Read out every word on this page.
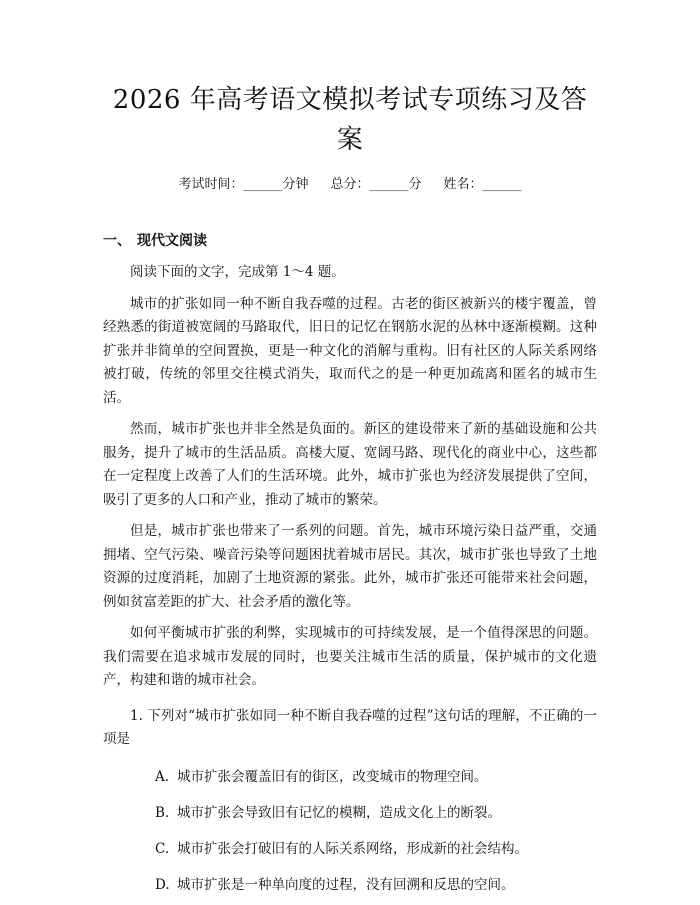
2026 年高考语文模拟考试专项练习及答案
考试时间：______分钟 总分：______分 姓名：______
一、 现代文阅读

阅读下面的文字，完成第 1～4 题。

城市的扩张如同一种不断自我吞噬的过程。古老的街区被新兴的楼宇覆盖，曾经熟悉的街道被宽阔的马路取代，旧日的记忆在钢筋水泥的丛林中逐渐模糊。这种扩张并非简单的空间置换，更是一种文化的消解与重构。旧有社区的人际关系网络被打破，传统的邻里交往模式消失，取而代之的是一种更加疏离和匿名的城市生活。

然而，城市扩张也并非全然是负面的。新区的建设带来了新的基础设施和公共服务，提升了城市的生活品质。高楼大厦、宽阔马路、现代化的商业中心，这些都在一定程度上改善了人们的生活环境。此外，城市扩张也为经济发展提供了空间，吸引了更多的人口和产业，推动了城市的繁荣。

但是，城市扩张也带来了一系列的问题。首先，城市环境污染日益严重，交通拥堵、空气污染、噪音污染等问题困扰着城市居民。其次，城市扩张也导致了土地资源的过度消耗，加剧了土地资源的紧张。此外，城市扩张还可能带来社会问题，例如贫富差距的扩大、社会矛盾的激化等。

如何平衡城市扩张的利弊，实现城市的可持续发展，是一个值得深思的问题。我们需要在追求城市发展的同时，也要关注城市生活的质量，保护城市的文化遗产，构建和谐的城市社会。

1. 下列对“城市扩张如同一种不断自我吞噬的过程”这句话的理解，不正确的一项是

A. 城市扩张会覆盖旧有的街区，改变城市的物理空间。
B. 城市扩张会导致旧有记忆的模糊，造成文化上的断裂。
C. 城市扩张会打破旧有的人际关系网络，形成新的社会结构。
D. 城市扩张是一种单向度的过程，没有回溯和反思的空间。
